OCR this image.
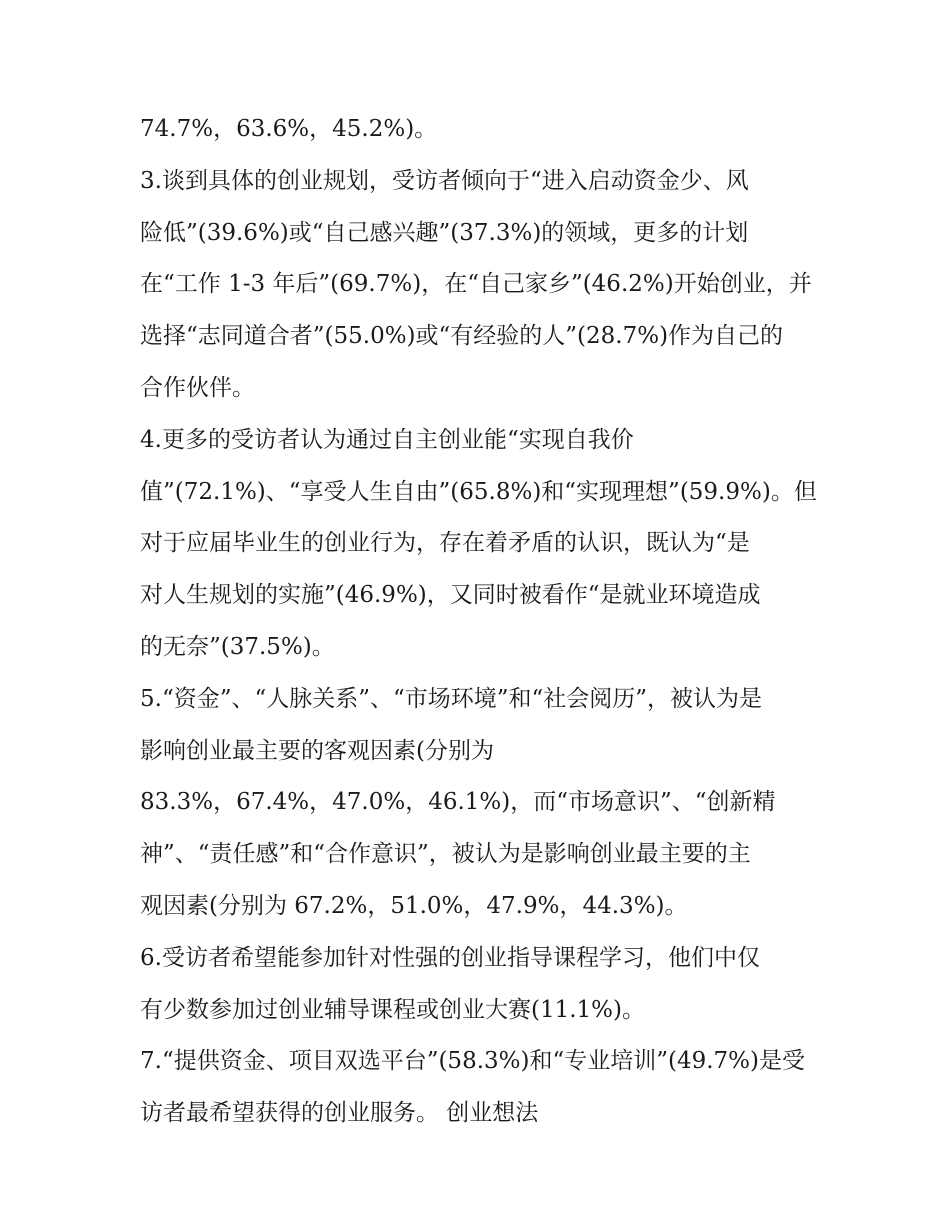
74.7%，63.6%，45.2%)。
3.谈到具体的创业规划，受访者倾向于“进入启动资金少、风
险低”(39.6%)或“自己感兴趣”(37.3%)的领域，更多的计划
在“工作 1-3 年后”(69.7%)，在“自己家乡”(46.2%)开始创业，并
选择“志同道合者”(55.0%)或“有经验的人”(28.7%)作为自己的
合作伙伴。
4.更多的受访者认为通过自主创业能“实现自我价
值”(72.1%)、“享受人生自由”(65.8%)和“实现理想”(59.9%)。但
对于应届毕业生的创业行为，存在着矛盾的认识，既认为“是
对人生规划的实施”(46.9%)，又同时被看作“是就业环境造成
的无奈”(37.5%)。
5.“资金”、“人脉关系”、“市场环境”和“社会阅历”，被认为是
影响创业最主要的客观因素(分别为
83.3%，67.4%，47.0%，46.1%)，而“市场意识”、“创新精
神”、“责任感”和“合作意识”，被认为是影响创业最主要的主
观因素(分别为 67.2%，51.0%，47.9%，44.3%)。
6.受访者希望能参加针对性强的创业指导课程学习，他们中仅
有少数参加过创业辅导课程或创业大赛(11.1%)。
7.“提供资金、项目双选平台”(58.3%)和“专业培训”(49.7%)是受
访者最希望获得的创业服务。 创业想法
